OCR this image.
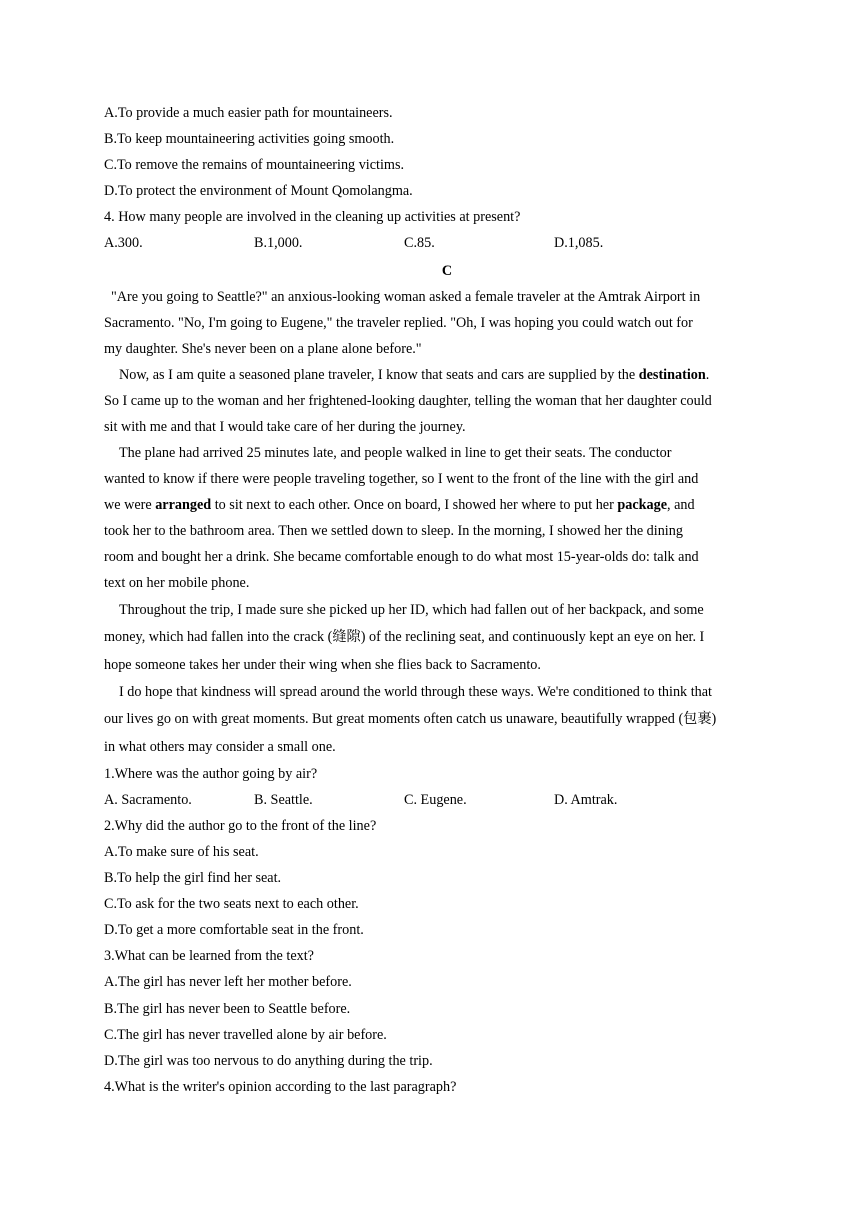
A.To provide a much easier path for mountaineers.
B.To keep mountaineering activities going smooth.
C.To remove the remains of mountaineering victims.
D.To protect the environment of Mount Qomolangma.
4. How many people are involved in the cleaning up activities at present?
A.300.	B.1,000.	C.85.	D.1,085.
C
"Are you going to Seattle?" an anxious-looking woman asked a female traveler at the Amtrak Airport in
Sacramento. "No, I'm going to Eugene," the traveler replied. "Oh, I was hoping you could watch out for
my daughter. She's never been on a plane alone before."
Now, as I am quite a seasoned plane traveler, I know that seats and cars are supplied by the destination.
So I came up to the woman and her frightened-looking daughter, telling the woman that her daughter could
sit with me and that I would take care of her during the journey.
The plane had arrived 25 minutes late, and people walked in line to get their seats. The conductor
wanted to know if there were people traveling together, so I went to the front of the line with the girl and
we were arranged to sit next to each other. Once on board, I showed her where to put her package, and
took her to the bathroom area. Then we settled down to sleep. In the morning, I showed her the dining
room and bought her a drink. She became comfortable enough to do what most 15-year-olds do: talk and
text on her mobile phone.
Throughout the trip, I made sure she picked up her ID, which had fallen out of her backpack, and some
money, which had fallen into the crack (缝隙) of the reclining seat, and continuously kept an eye on her. I
hope someone takes her under their wing when she flies back to Sacramento.
I do hope that kindness will spread around the world through these ways. We're conditioned to think that
our lives go on with great moments. But great moments often catch us unaware, beautifully wrapped (包裹)
in what others may consider a small one.
1.Where was the author going by air?
A. Sacramento.	B. Seattle.	C. Eugene.	D. Amtrak.
2.Why did the author go to the front of the line?
A.To make sure of his seat.
B.To help the girl find her seat.
C.To ask for the two seats next to each other.
D.To get a more comfortable seat in the front.
3.What can be learned from the text?
A.The girl has never left her mother before.
B.The girl has never been to Seattle before.
C.The girl has never travelled alone by air before.
D.The girl was too nervous to do anything during the trip.
4.What is the writer's opinion according to the last paragraph?
